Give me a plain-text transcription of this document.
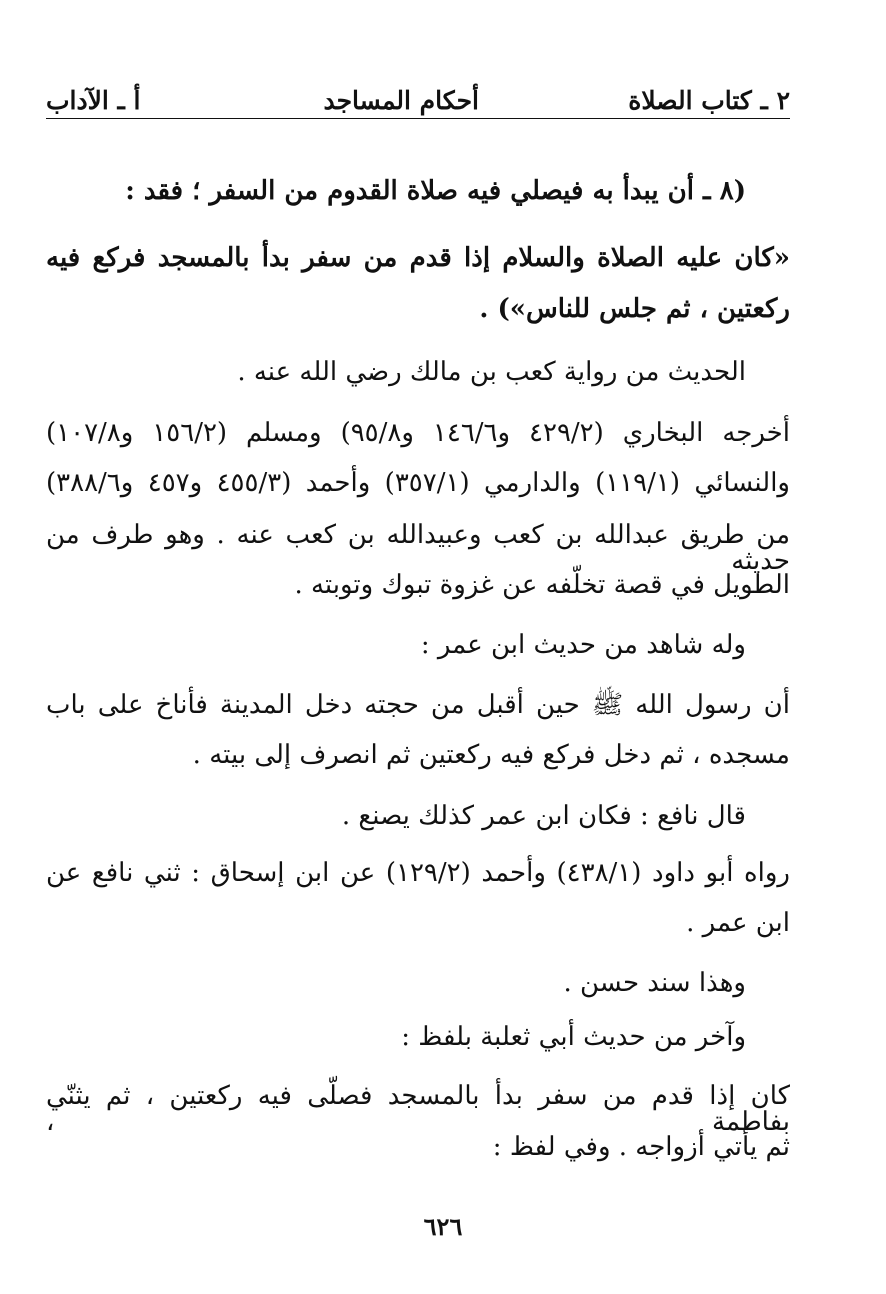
٢ ـ كتاب الصلاة
أحكام المساجد
أ ـ الآداب
(٨ ـ أن يبدأ به فيصلي فيه صلاة القدوم من السفر ؛ فقد :
«كان عليه الصلاة والسلام إذا قدم من سفر بدأ بالمسجد فركع فيه
ركعتين ، ثم جلس للناس») .
الحديث من رواية كعب بن مالك رضي الله عنه .
أخرجه البخاري (٤٢٩/٢ و١٤٦/٦ و٩٥/٨) ومسلم (١٥٦/٢ و١٠٧/٨)
والنسائي (١١٩/١) والدارمي (٣٥٧/١) وأحمد (٤٥٥/٣ و٤٥٧ و٣٨٨/٦)
من طريق عبدالله بن كعب وعبيدالله بن كعب عنه . وهو طرف من حديثه
الطويل في قصة تخلّفه عن غزوة تبوك وتوبته .
وله شاهد من حديث ابن عمر :
أن رسول الله ﷺ حين أقبل من حجته دخل المدينة فأناخ على باب
مسجده ، ثم دخل فركع فيه ركعتين ثم انصرف إلى بيته .
قال نافع : فكان ابن عمر كذلك يصنع .
رواه أبو داود (٤٣٨/١) وأحمد (١٢٩/٢) عن ابن إسحاق : ثني نافع عن
ابن عمر .
وهذا سند حسن .
وآخر من حديث أبي ثعلبة بلفظ :
كان إذا قدم من سفر بدأ بالمسجد فصلّى فيه ركعتين ، ثم يثنّي بفاطمة ،
ثم يأتي أزواجه . وفي لفظ :
٦٢٦
